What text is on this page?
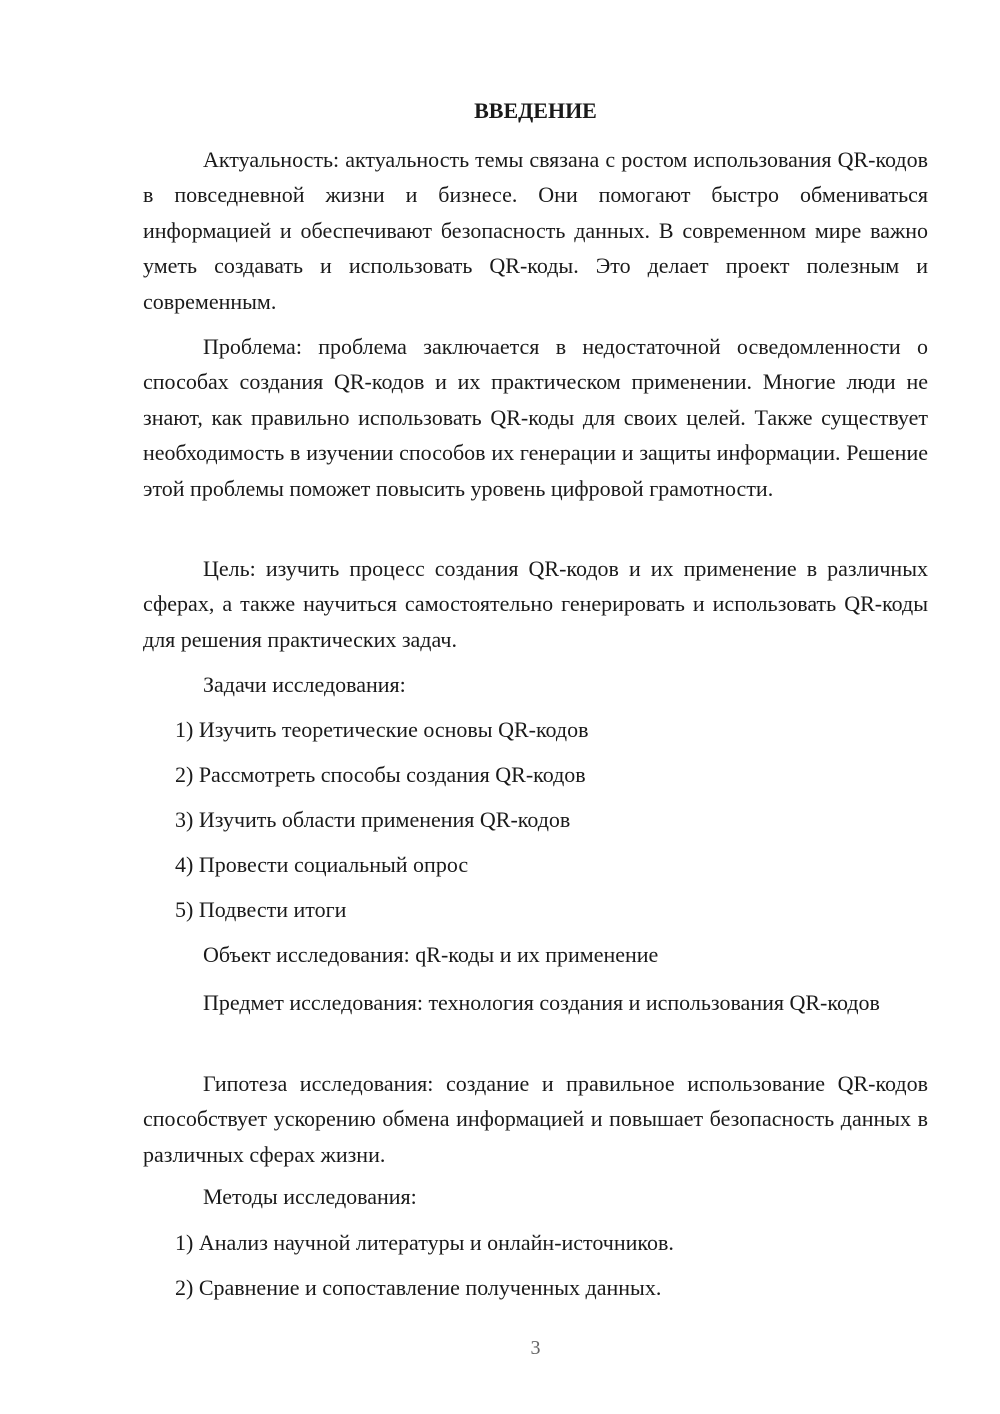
ВВЕДЕНИЕ

Актуальность: актуальность темы связана с ростом использования QR-кодов в повседневной жизни и бизнесе. Они помогают быстро обмениваться информацией и обеспечивают безопасность данных. В современном мире важно уметь создавать и использовать QR-коды. Это делает проект полезным и современным.

Проблема: проблема заключается в недостаточной осведомленности о способах создания QR-кодов и их практическом применении. Многие люди не знают, как правильно использовать QR-коды для своих целей. Также существует необходимость в изучении способов их генерации и защиты информации. Решение этой проблемы поможет повысить уровень цифровой грамотности.

Цель: изучить процесс создания QR-кодов и их применение в различных сферах, а также научиться самостоятельно генерировать и использовать QR-коды для решения практических задач.

Задачи исследования:

1) Изучить теоретические основы QR-кодов

2) Рассмотреть способы создания QR-кодов

3) Изучить области применения QR-кодов

4) Провести социальный опрос

5) Подвести итоги

Объект исследования: qR-коды и их применение

Предмет исследования: технология создания и использования QR-кодов

Гипотеза исследования: создание и правильное использование QR-кодов способствует ускорению обмена информацией и повышает безопасность данных в различных сферах жизни.

Методы исследования:

1) Анализ научной литературы и онлайн-источников.

2) Сравнение и сопоставление полученных данных.

3
